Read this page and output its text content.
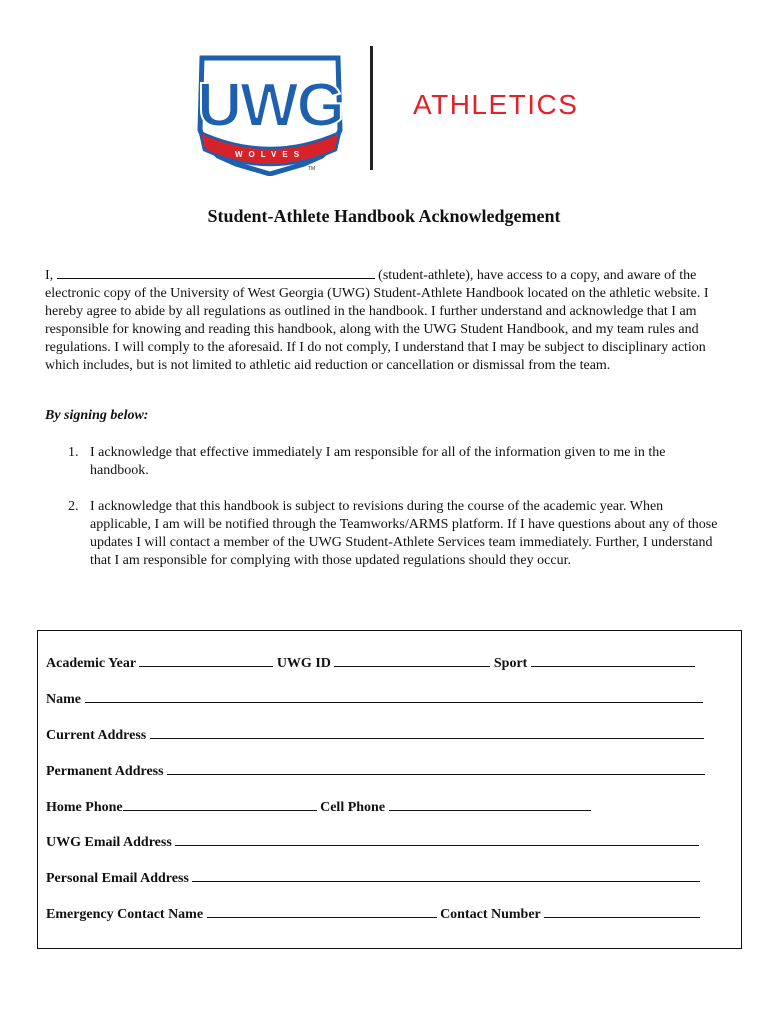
UWG
WOLVES
TM
ATHLETICS
Student-Athlete Handbook Acknowledgement
I,	(student-athlete), have access to a copy, and aware of the
electronic copy of the University of West Georgia (UWG) Student-Athlete Handbook located on the athletic website. I hereby agree to abide by all regulations as outlined in the handbook. I further understand and acknowledge that I am responsible for knowing and reading this handbook, along with the UWG Student Handbook, and my team rules and regulations. I will comply to the aforesaid. If I do not comply, I understand that I may be subject to disciplinary action which includes, but is not limited to athletic aid reduction or cancellation or dismissal from the team.
By signing below:
1. I acknowledge that effective immediately I am responsible for all of the information given to me in the handbook.
2. I acknowledge that this handbook is subject to revisions during the course of the academic year. When applicable, I am will be notified through the Teamworks/ARMS platform. If I have questions about any of those updates I will contact a member of the UWG Student-Athlete Services team immediately. Further, I understand that I am responsible for complying with those updated regulations should they occur.
Academic Year	UWG ID	Sport
Name
Current Address
Permanent Address
Home Phone	Cell Phone
UWG Email Address
Personal Email Address
Emergency Contact Name	Contact Number
